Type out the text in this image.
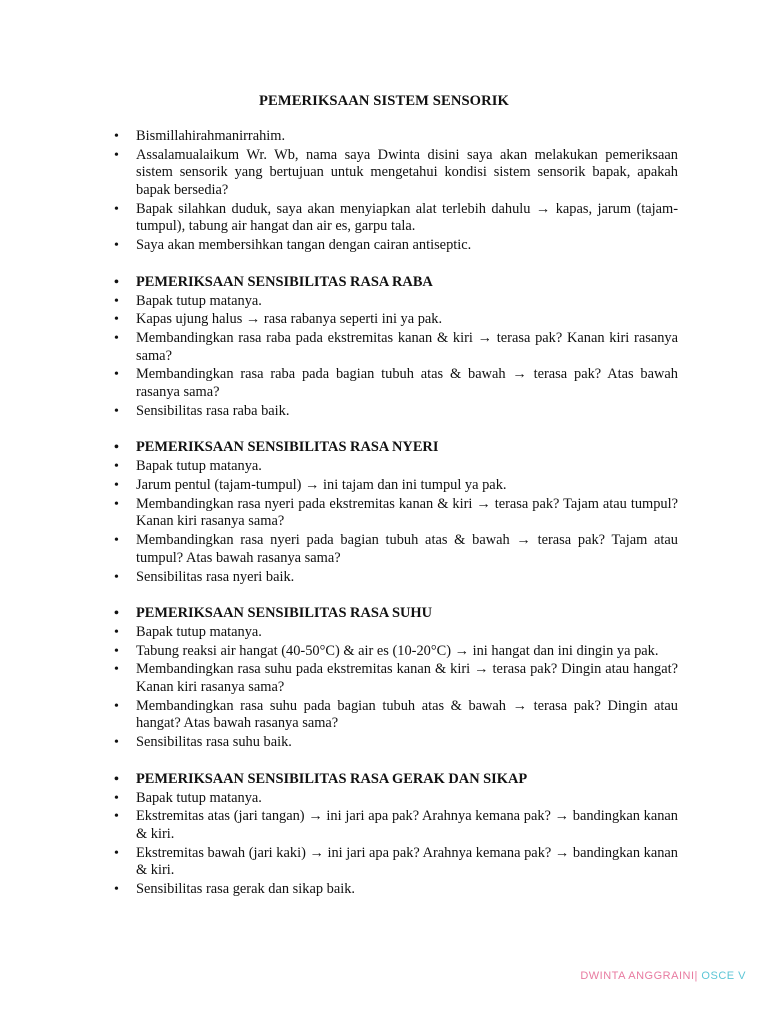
PEMERIKSAAN SISTEM SENSORIK
• Bismillahirahmanirrahim.
• Assalamualaikum Wr. Wb, nama saya Dwinta disini saya akan melakukan pemeriksaan sistem sensorik yang bertujuan untuk mengetahui kondisi sistem sensorik bapak, apakah bapak bersedia?
• Bapak silahkan duduk, saya akan menyiapkan alat terlebih dahulu → kapas, jarum (tajam-tumpul), tabung air hangat dan air es, garpu tala.
• Saya akan membersihkan tangan dengan cairan antiseptic.
• PEMERIKSAAN SENSIBILITAS RASA RABA
• Bapak tutup matanya.
• Kapas ujung halus → rasa rabanya seperti ini ya pak.
• Membandingkan rasa raba pada ekstremitas kanan & kiri → terasa pak? Kanan kiri rasanya sama?
• Membandingkan rasa raba pada bagian tubuh atas & bawah → terasa pak? Atas bawah rasanya sama?
• Sensibilitas rasa raba baik.
• PEMERIKSAAN SENSIBILITAS RASA NYERI
• Bapak tutup matanya.
• Jarum pentul (tajam-tumpul) → ini tajam dan ini tumpul ya pak.
• Membandingkan rasa nyeri pada ekstremitas kanan & kiri → terasa pak? Tajam atau tumpul? Kanan kiri rasanya sama?
• Membandingkan rasa nyeri pada bagian tubuh atas & bawah → terasa pak? Tajam atau tumpul? Atas bawah rasanya sama?
• Sensibilitas rasa nyeri baik.
• PEMERIKSAAN SENSIBILITAS RASA SUHU
• Bapak tutup matanya.
• Tabung reaksi air hangat (40-50°C) & air es (10-20°C) → ini hangat dan ini dingin ya pak.
• Membandingkan rasa suhu pada ekstremitas kanan & kiri → terasa pak? Dingin atau hangat? Kanan kiri rasanya sama?
• Membandingkan rasa suhu pada bagian tubuh atas & bawah → terasa pak? Dingin atau hangat? Atas bawah rasanya sama?
• Sensibilitas rasa suhu baik.
• PEMERIKSAAN SENSIBILITAS RASA GERAK DAN SIKAP
• Bapak tutup matanya.
• Ekstremitas atas (jari tangan) → ini jari apa pak? Arahnya kemana pak? → bandingkan kanan & kiri.
• Ekstremitas bawah (jari kaki) → ini jari apa pak? Arahnya kemana pak? → bandingkan kanan & kiri.
• Sensibilitas rasa gerak dan sikap baik.
DWINTA ANGGRAINI| OSCE V
